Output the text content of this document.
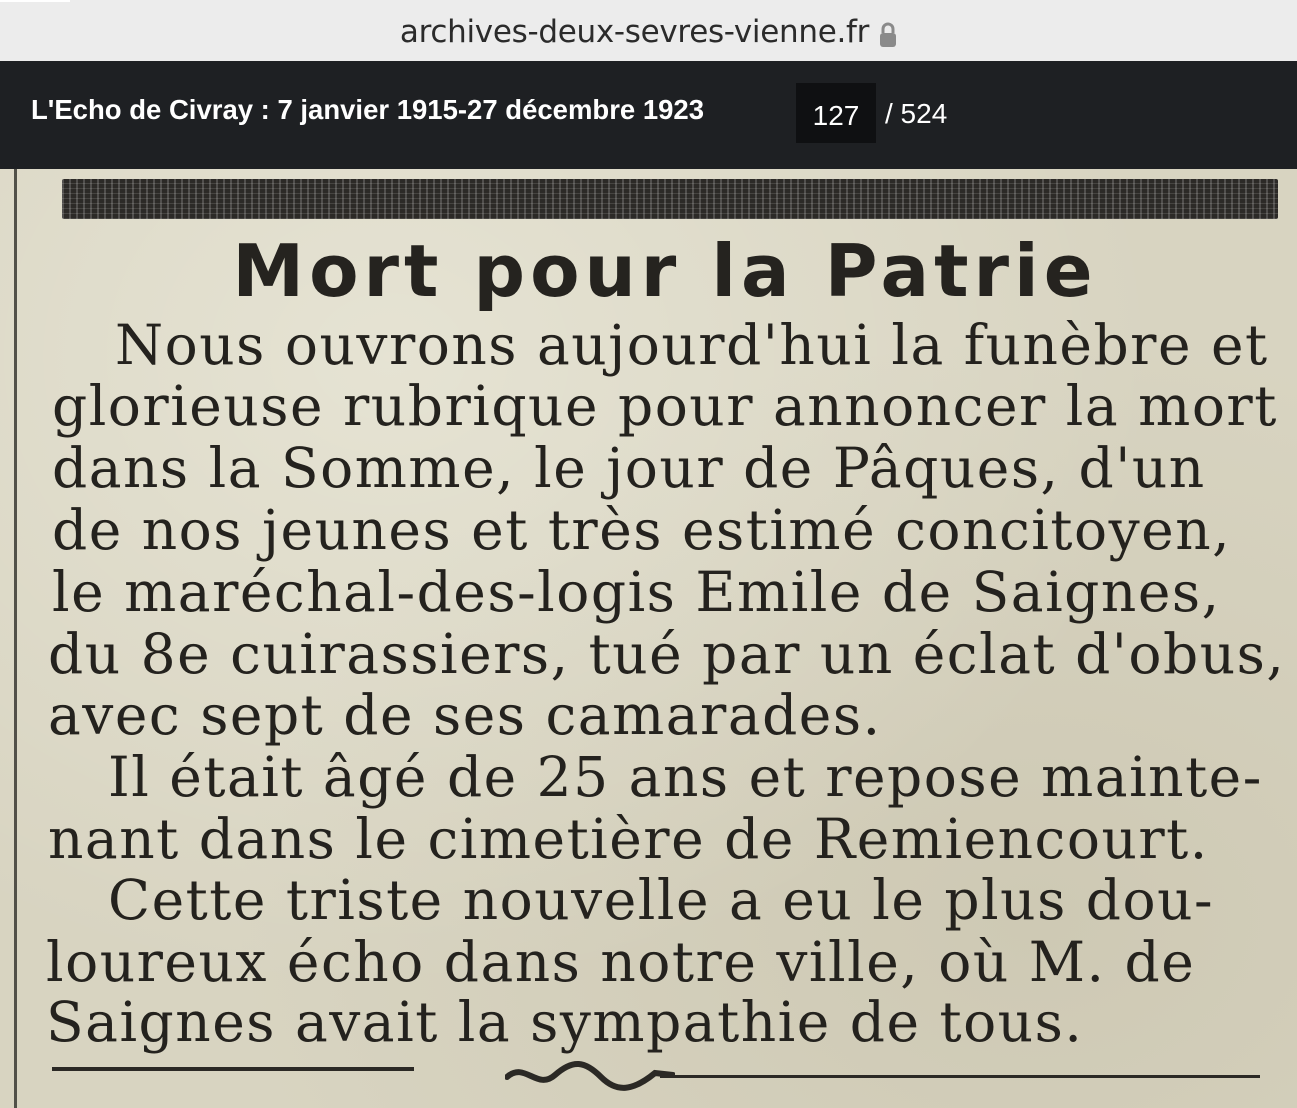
archives-deux-sevres-vienne.fr
L'Echo de Civray : 7 janvier 1915-27 décembre 1923
127	/ 524
Mort pour la Patrie
Nous ouvrons aujourd'hui la funèbre et
glorieuse rubrique pour annoncer la mort
dans la Somme, le jour de Pâques, d'un
de nos jeunes et très estimé concitoyen,
le maréchal-des-logis Emile de Saignes,
du 8e cuirassiers, tué par un éclat d'obus,
avec sept de ses camarades.
Il était âgé de 25 ans et repose mainte-
nant dans le cimetière de Remiencourt.
Cette triste nouvelle a eu le plus dou-
loureux écho dans notre ville, où M. de
Saignes avait la sympathie de tous.
